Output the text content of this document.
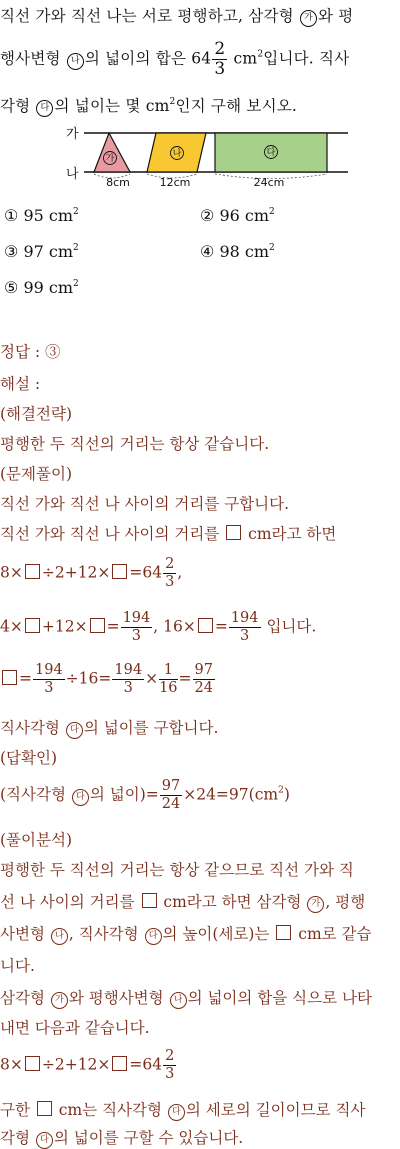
직선 가와 직선 나는 서로 평행하고, 삼각형 가 와 평
행사변형 나 의 넓이의 합은 $64 \frac{2}{3} cm^2$입니다. 직사
각형 다 의 넓이는 몇 $cm^2$인지 구해 보시오.
가
나
가	나	다
8cm	12cm	24cm
① 95 $cm^2$	② 96 $cm^2$
③ 97 $cm^2$	④ 98 $cm^2$
⑤ 99 $cm^2$
정답 : ③
해설 :
(해결전략)
평행한 두 직선의 거리는 항상 같습니다.
(문제풀이)
직선 가와 직선 나 사이의 거리를 구합니다.
직선 가와 직선 나 사이의 거리를  cm라고 하면
$8\times \div 2+12\times =64 \frac{2}{3}$ ,
$4\times +12\times = \frac{194}{3}$ , $16\times = \frac{194}{3}$ 입니다.
= $\frac{194}{3} \div 16= \frac{194}{3} \times \frac{1}{16} = \frac{97}{24}$
직사각형 다 의 넓이를 구합니다.
(답확인)
(직사각형 다 의 넓이)= $\frac{97}{24} \times 24=97(cm^2)$
(풀이분석)
평행한 두 직선의 거리는 항상 같으므로 직선 가와 직
선 나 사이의 거리를  cm라고 하면 삼각형 가 , 평행
사변형 나 , 직사각형 다 의 높이(세로)는  cm로 같습
니다.
삼각형 가 와 평행사변형 나 의 넓이의 합을 식으로 나타
내면 다음과 같습니다.
$8\times \div 2+12\times =64 \frac{2}{3}$
구한  cm는 직사각형 다 의 세로의 길이이므로 직사
각형 다 의 넓이를 구할 수 있습니다.
